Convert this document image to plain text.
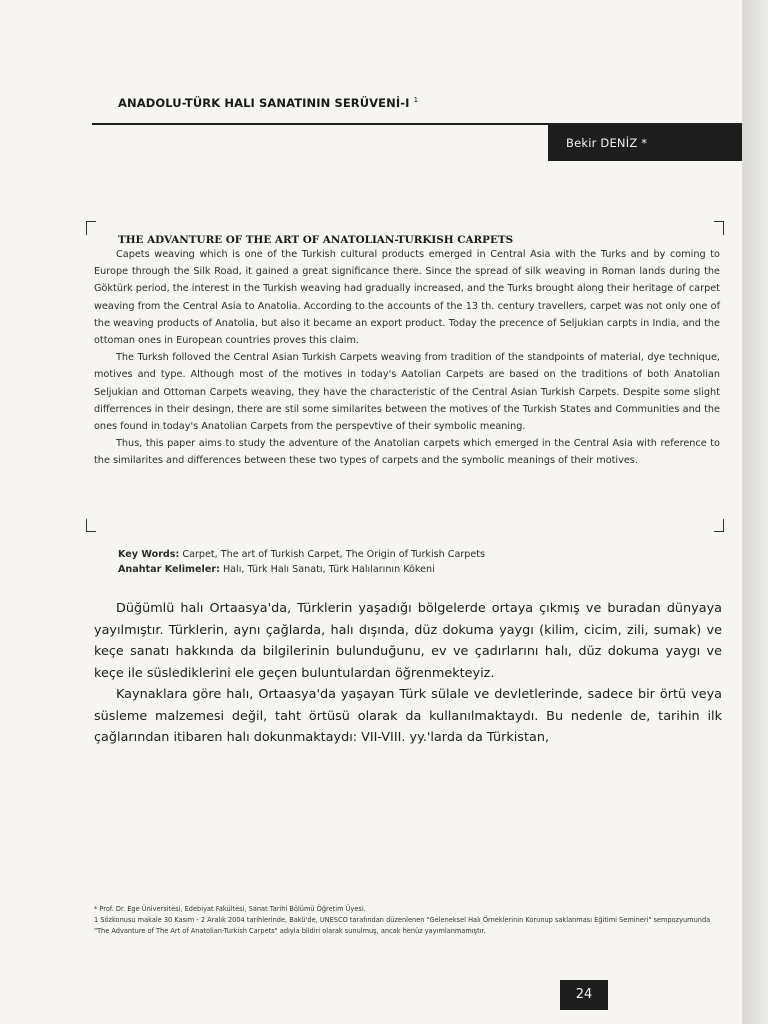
ANADOLU-TÜRK HALI SANATININ SERÜVENİ-I $^1$
Bekir DENİZ *
THE ADVANTURE OF THE ART OF ANATOLIAN-TURKISH CARPETS

Capets weaving which is one of the Turkish cultural products emerged in Central Asia with the Turks and by coming to Europe through the Silk Road, it gained a great significance there. Since the spread of silk weaving in Roman lands during the Göktürk period, the interest in the Turkish weaving had gradually increased, and the Turks brought along their heritage of carpet weaving from the Central Asia to Anatolia. According to the accounts of the 13 th. century travellers, carpet was not only one of the weaving products of Anatolia, but also it became an export product. Today the precence of Seljukian carpts in India, and the ottoman ones in European countries proves this claim.

The Turksh folloved the Central Asian Turkish Carpets weaving from tradition of the standpoints of material, dye technique, motives and type. Although most of the motives in today's Aatolian Carpets are based on the traditions of both Anatolian Seljukian and Ottoman Carpets weaving, they have the characteristic of the Central Asian Turkish Carpets. Despite some slight differrences in their desingn, there are stil some similarites between the motives of the Turkish States and Communities and the ones found in today's Anatolian Carpets from the perspevtive of their symbolic meaning.

Thus, this paper aims to study the adventure of the Anatolian carpets which emerged in the Central Asia with reference to the similarites and differences between these two types of carpets and the symbolic meanings of their motives.

Key Words: Carpet, The art of Turkish Carpet, The Origin of Turkish Carpets
Anahtar Kelimeler: Halı, Türk Halı Sanatı, Türk Halılarının Kökeni

Düğümlü halı Ortaasya'da, Türklerin yaşadığı bölgelerde ortaya çıkmış ve buradan dünyaya yayılmıştır. Türklerin, aynı çağlarda, halı dışında, düz dokuma yaygı (kilim, cicim, zili, sumak) ve keçe sanatı hakkında da bilgilerinin bulunduğunu, ev ve çadırlarını halı, düz dokuma yaygı ve keçe ile süslediklerini ele geçen buluntulardan öğrenmekteyiz.

Kaynaklara göre halı, Ortaasya'da yaşayan Türk sülale ve devletlerinde, sadece bir örtü veya süsleme malzemesi değil, taht örtüsü olarak da kullanılmaktaydı. Bu nedenle de, tarihin ilk çağlarından itibaren halı dokunmaktaydı: VII-VIII. yy.'larda da Türkistan,

* Prof. Dr. Ege Üniversitesi, Edebiyat Fakültesi, Sanat Tarihi Bölümü Öğretim Üyesi.

1 Sözkonusu makale 30 Kasım - 2 Aralık 2004 tarihlerinde, Bakü'de, UNESCO tarafından düzenlenen "Geleneksel Halı Örneklerinin Korunup saklanması Eğitimi Semineri" sempozyumunda "The Advanture of The Art of Anatolian-Turkish Carpets" adıyla bildiri olarak sunulmuş, ancak henüz yayımlanmamıştır.

24
